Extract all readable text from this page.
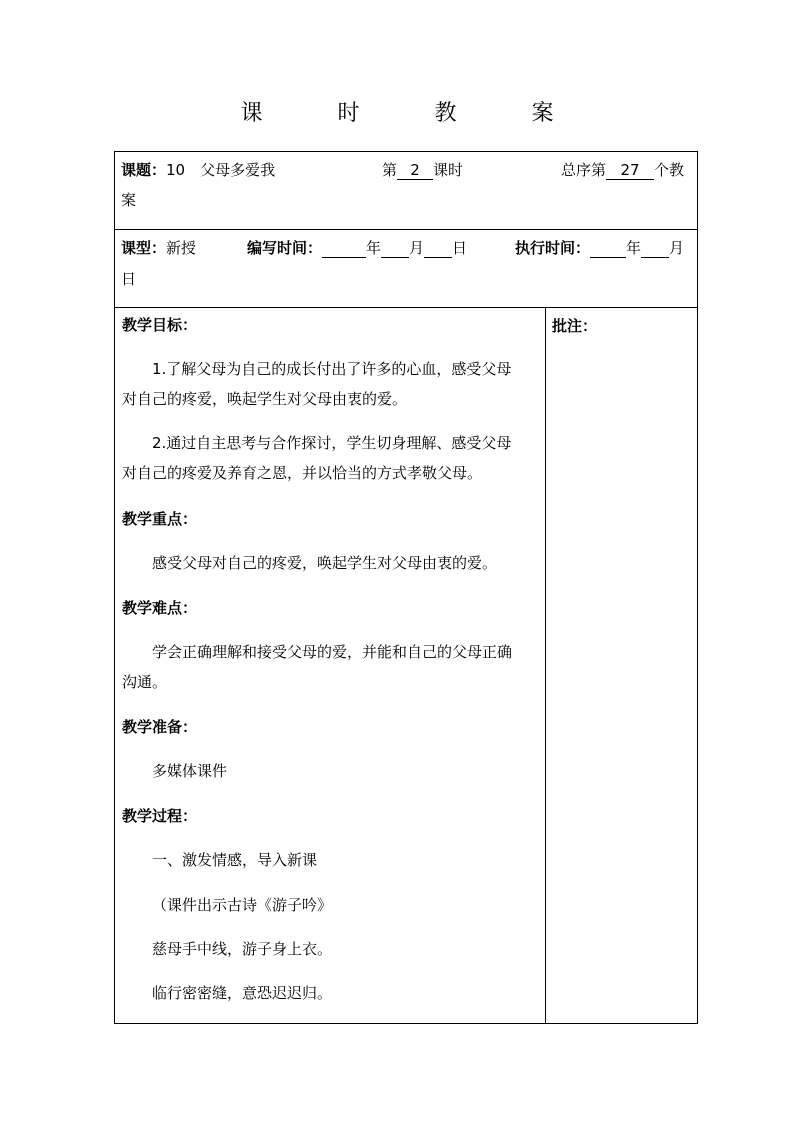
课 时 教 案
课题：10　父母多爱我	第 2 课时	总序第 27 个教
案
课型：新授	编写时间：	年 月 日	执行时间： 年 月
日
教学目标：
1.了解父母为自己的成长付出了许多的心血，感受父母
对自己的疼爱，唤起学生对父母由衷的爱。
2.通过自主思考与合作探讨，学生切身理解、感受父母
对自己的疼爱及养育之恩，并以恰当的方式孝敬父母。
教学重点：
感受父母对自己的疼爱，唤起学生对父母由衷的爱。
教学难点：
学会正确理解和接受父母的爱，并能和自己的父母正确
沟通。
教学准备：
多媒体课件
教学过程：
一、激发情感，导入新课
（课件出示古诗《游子吟》
慈母手中线，游子身上衣。
临行密密缝，意恐迟迟归。
批注：
